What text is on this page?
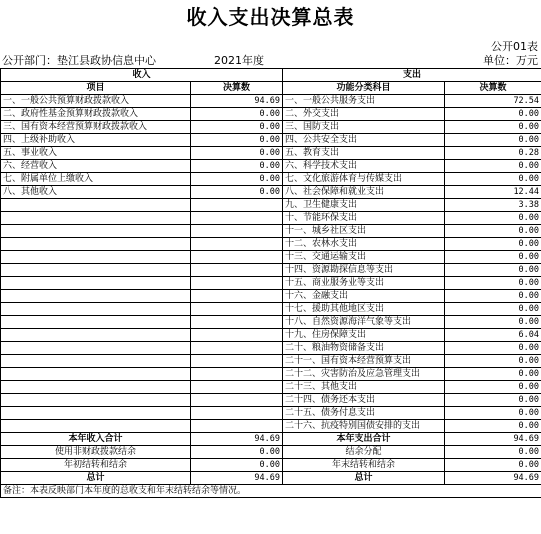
收入支出决算总表
公开01表
公开部门：垫江县政协信息中心	2021年度	单位：万元
收入		支出	
项目	决算数	功能分类科目	决算数
一、一般公共预算财政拨款收入	94.69	一、一般公共服务支出	72.54
二、政府性基金预算财政拨款收入	0.00	二、外交支出	0.00
三、国有资本经营预算财政拨款收入	0.00	三、国防支出	0.00
四、上级补助收入	0.00	四、公共安全支出	0.00
五、事业收入	0.00	五、教育支出	0.28
六、经营收入	0.00	六、科学技术支出	0.00
七、附属单位上缴收入	0.00	七、文化旅游体育与传媒支出	0.00
八、其他收入	0.00	八、社会保障和就业支出	12.44
		九、卫生健康支出	3.38
		十、节能环保支出	0.00
		十一、城乡社区支出	0.00
		十二、农林水支出	0.00
		十三、交通运输支出	0.00
		十四、资源勘探信息等支出	0.00
		十五、商业服务业等支出	0.00
		十六、金融支出	0.00
		十七、援助其他地区支出	0.00
		十八、自然资源海洋气象等支出	0.00
		十九、住房保障支出	6.04
		二十、粮油物资储备支出	0.00
		二十一、国有资本经营预算支出	0.00
		二十二、灾害防治及应急管理支出	0.00
		二十三、其他支出	0.00
		二十四、债务还本支出	0.00
		二十五、债务付息支出	0.00
		二十六、抗疫特别国债安排的支出	0.00
本年收入合计	94.69	本年支出合计	94.69
使用非财政拨款结余	0.00	结余分配	0.00
年初结转和结余	0.00	年末结转和结余	0.00
总计	94.69	总计	94.69
备注：本表反映部门本年度的总收支和年末结转结余等情况。			
